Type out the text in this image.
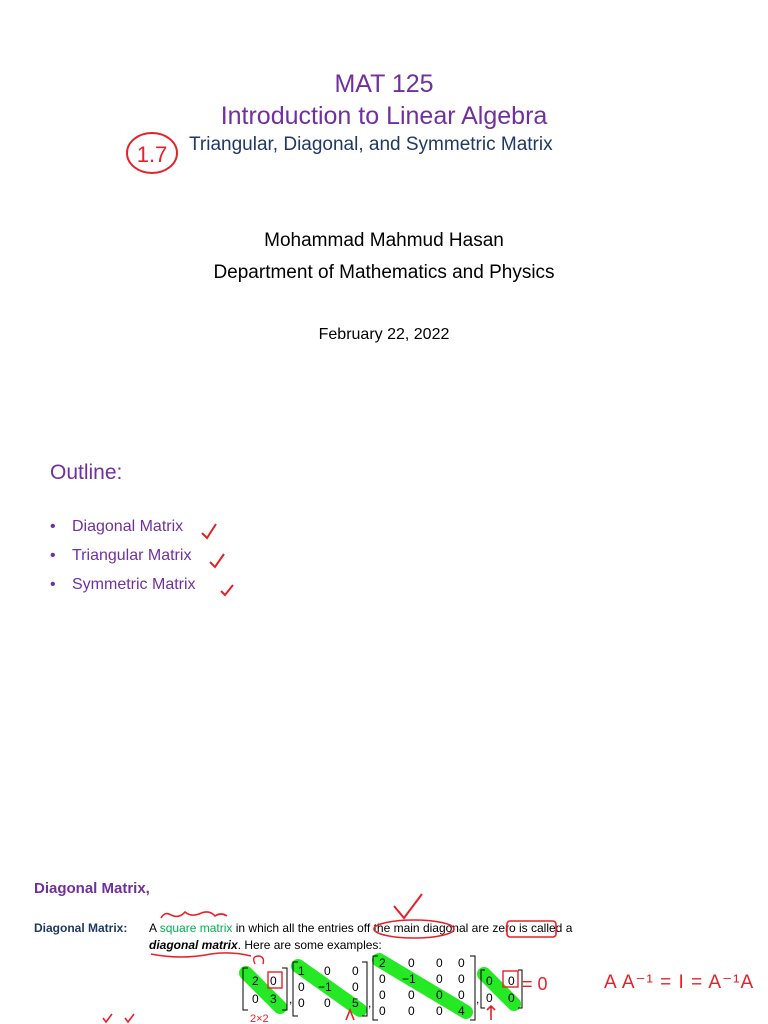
MAT 125
Introduction to Linear Algebra
Triangular, Diagonal, and Symmetric Matrix
Mohammad Mahmud Hasan
Department of Mathematics and Physics
February 22, 2022
Outline:
• Diagonal Matrix
• Triangular Matrix
• Symmetric Matrix
Diagonal Matrix,
Diagonal Matrix: A square matrix in which all the entries off the main diagonal are zero is called a
diagonal matrix. Here are some examples:
1.7
2 0
0 3 ,
1 0 0
0 −1 0
0 0 5 ,
2 0 0 0
0 −1 0 0
0 0 0 0
0 0 0 4
,
0 0
0 0
= 0
2×2
A A⁻¹ = I = A⁻¹A
